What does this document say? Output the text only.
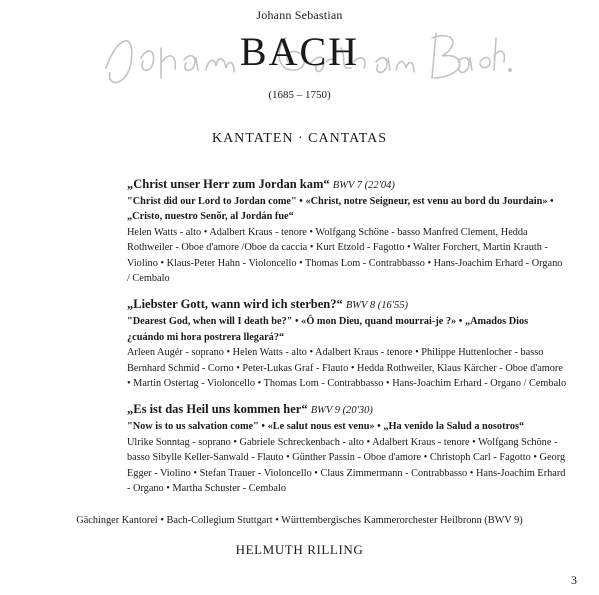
Johann Sebastian
BACH
(1685 – 1750)
KANTATEN · CANTATAS
„Christ unser Herr zum Jordan kam“ BWV 7 (22'04)
"Christ did our Lord to Jordan come" • «Christ, notre Seigneur, est venu au bord du Jourdain» • „Cristo, nuestro Senõr, al Jordán fue“
Helen Watts - alto • Adalbert Kraus - tenore • Wolfgang Schöne - basso Manfred Clement, Hedda Rothweiler - Oboe d'amore /Oboe da caccia • Kurt Etzold - Fagotto • Walter Forchert, Martin Krauth - Violino • Klaus-Peter Hahn - Violoncello • Thomas Lom - Contrabbasso • Hans-Joachim Erhard - Organo / Cembalo
„Liebster Gott, wann wird ich sterben?“ BWV 8 (16'55)
"Dearest God, when will I death be?" • «Ô mon Dieu, quand mourrai-je ?» • „Amados Dios ¿cuándo mi hora postrera llegará?“
Arleen Augér - soprano • Helen Watts - alto • Adalbert Kraus - tenore • Philippe Huttenlocher - basso Bernhard Schmid - Corno • Peter-Lukas Graf - Flauto • Hedda Rothweiler, Klaus Kärcher - Oboe d'amore • Martin Ostertag - Violoncello • Thomas Lom - Contrabbasso • Hans-Joachim Erhard - Organo / Cembalo
„Es ist das Heil uns kommen her“ BWV 9 (20'30)
"Now is to us salvation come" • «Le salut nous est venu» • „Ha venido la Salud a nosotros“
Ulrike Sonntag - soprano • Gabriele Schreckenbach - alto • Adalbert Kraus - tenore • Wolfgang Schöne - basso Sibylle Keller-Sanwald - Flauto • Günther Passin - Oboe d'amore • Christoph Carl - Fagotto • Georg Egger - Violino • Stefan Trauer - Violoncello • Claus Zimmermann - Contrabbasso • Hans-Joachim Erhard - Organo • Martha Schuster - Cembalo
Gächinger Kantorei • Bach-Collegium Stuttgart • Württembergisches Kammerorchester Heilbronn (BWV 9)
HELMUTH RILLING
3
